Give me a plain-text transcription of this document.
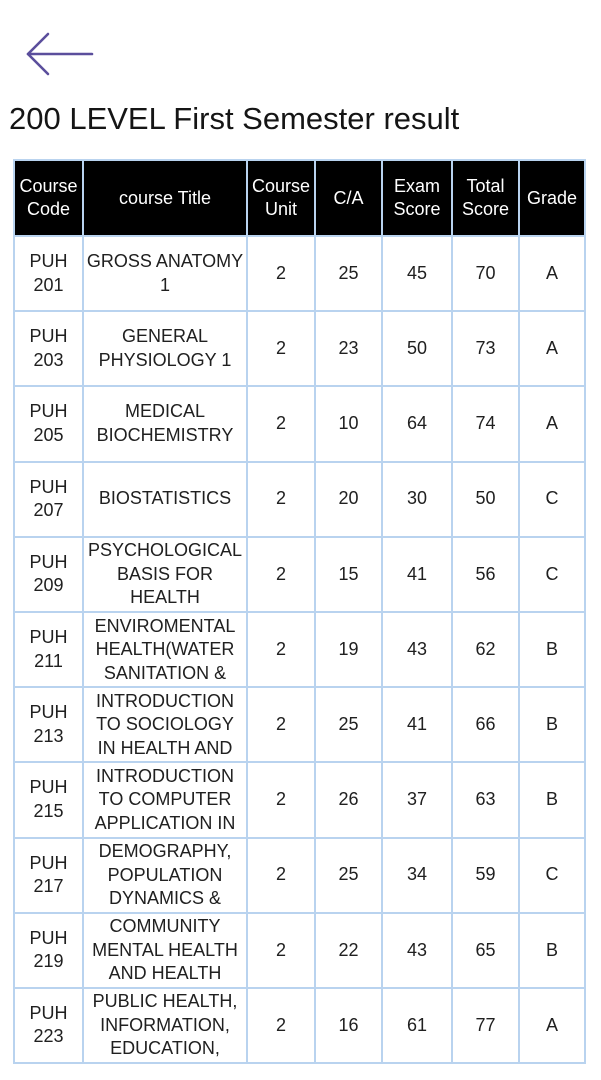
200 LEVEL First Semester result
Course Code	course Title	Course Unit	C/A	Exam Score	Total Score	Grade
PUH 201	GROSS ANATOMY 1	2	25	45	70	A
PUH 203	GENERAL PHYSIOLOGY 1	2	23	50	73	A
PUH 205	MEDICAL BIOCHEMISTRY	2	10	64	74	A
PUH 207	BIOSTATISTICS	2	20	30	50	C
PUH 209	PSYCHOLOGICAL BASIS FOR HEALTH	2	15	41	56	C
PUH 211	ENVIROMENTAL HEALTH(WATER SANITATION &	2	19	43	62	B
PUH 213	INTRODUCTION TO SOCIOLOGY IN HEALTH AND	2	25	41	66	B
PUH 215	INTRODUCTION TO COMPUTER APPLICATION IN	2	26	37	63	B
PUH 217	DEMOGRAPHY, POPULATION DYNAMICS &	2	25	34	59	C
PUH 219	COMMUNITY MENTAL HEALTH AND HEALTH	2	22	43	65	B
PUH 223	PUBLIC HEALTH, INFORMATION, EDUCATION,	2	16	61	77	A
